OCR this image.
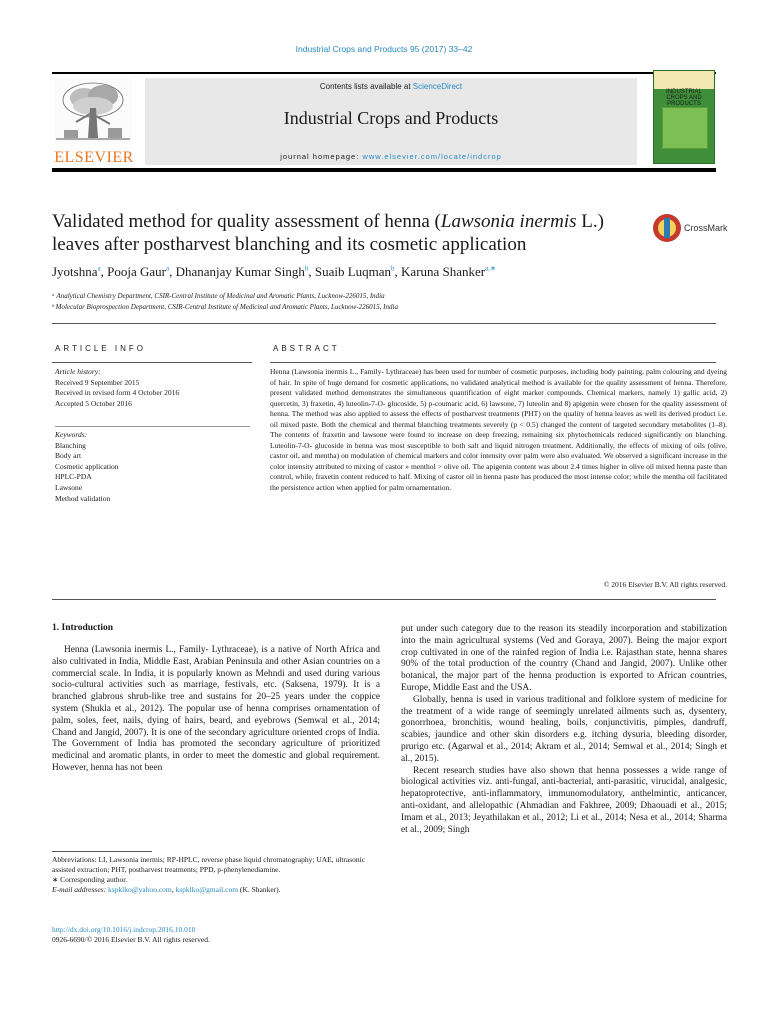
Industrial Crops and Products 95 (2017) 33–42
ELSEVIER
Contents lists available at ScienceDirect
Industrial Crops and Products
journal homepage: www.elsevier.com/locate/indcrop
INDUSTRIAL CROPS AND PRODUCTS
Validated method for quality assessment of henna (Lawsonia inermis L.) leaves after postharvest blanching and its cosmetic application
CrossMark
Jyotshna$^a$, Pooja Gaur$^a$, Dhananjay Kumar Singh$^b$, Suaib Luqman$^b$, Karuna Shanker$^{a,∗}$
ᵃ Analytical Chemistry Department, CSIR-Central Institute of Medicinal and Aromatic Plants, Lucknow-226015, India
ᵇ Molecular Bioprospection Department, CSIR-Central Institute of Medicinal and Aromatic Plants, Lucknow-226015, India
ARTICLE INFO	ABSTRACT
Article history:
Received 9 September 2015
Received in revised form 4 October 2016
Accepted 5 October 2016
Keywords:
Blanching
Body art
Cosmetic application
HPLC-PDA
Lawsone
Method validation
Henna (Lawsonia inermis L., Family- Lythraceae) has been used for number of cosmetic purposes, including body painting, palm colouring and dyeing of hair. In spite of huge demand for cosmetic applications, no validated analytical method is available for the quality assessment of henna. Therefore, present validated method demonstrates the simultaneous quantification of eight marker compounds. Chemical markers, namely 1) gallic acid, 2) quercetin, 3) fraxetin, 4) luteolin-7-O- glucoside, 5) p-coumaric acid, 6) lawsone, 7) luteolin and 8) apigenin were chosen for the quality assessment of henna. The method was also applied to assess the effects of postharvest treatments (PHT) on the quality of henna leaves as well its derived product i.e. oil mixed paste. Both the chemical and thermal blanching treatments severely (p < 0.5) changed the content of targeted secondary metabolites (1–8). The contents of fraxetin and lawsone were found to increase on deep freezing, remaining six phytochemicals reduced significantly on blanching. Luteolin-7-O- glucoside in henna was most susceptible to both salt and liquid nitrogen treatment. Additionally, the effects of mixing of oils (olive, castor oil, and mentha) on modulation of chemical markers and color intensity over palm were also evaluated. We observed a significant increase in the color intensity attributed to mixing of castor » menthol > olive oil. The apigenin content was about 2.4 times higher in olive oil mixed henna paste than control, while, fraxetin content reduced to half. Mixing of castor oil in henna paste has produced the most intense color; while the mentha oil facilitated the persistence action when applied for palm ornamentation.
© 2016 Elsevier B.V. All rights reserved.
1. Introduction

Henna (Lawsonia inermis L., Family- Lythraceae), is a native of North Africa and also cultivated in India, Middle East, Arabian Peninsula and other Asian countries on a commercial scale. In India, it is popularly known as Mehndi and used during various socio-cultural activities such as marriage, festivals, etc. (Saksena, 1979). It is a branched glabrous shrub-like tree and sustains for 20–25 years under the coppice system (Shukla et al., 2012). The popular use of henna comprises ornamentation of palm, soles, feet, nails, dying of hairs, beard, and eyebrows (Semwal et al., 2014; Chand and Jangid, 2007). It is one of the secondary agriculture oriented crops of India. The Government of India has promoted the secondary agriculture of prioritized medicinal and aromatic plants, in order to meet the domestic and global requirement. However, henna has not been

put under such category due to the reason its steadily incorporation and stabilization into the main agricultural systems (Ved and Goraya, 2007). Being the major export crop cultivated in one of the rainfed region of India i.e. Rajasthan state, henna shares 90% of the total production of the country (Chand and Jangid, 2007). Unlike other botanical, the major part of the henna production is exported to African countries, Europe, Middle East and the USA.

Globally, henna is used in various traditional and folklore system of medicine for the treatment of a wide range of seemingly unrelated ailments such as, dysentery, gonorrhoea, bronchitis, wound healing, boils, conjunctivitis, pimples, dandruff, scabies, jaundice and other skin disorders e.g. itching dysuria, bleeding disorder, prurigo etc. (Agarwal et al., 2014; Akram et al., 2014; Semwal et al., 2014; Singh et al., 2015).

Recent research studies have also shown that henna possesses a wide range of biological activities viz. anti-fungal, anti-bacterial, anti-parasitic, virucidal, analgesic, hepatoprotective, anti-inflammatory, immunomodulatory, anthelmintic, anticancer, anti-oxidant, and allelopathic (Ahmadian and Fakhree, 2009; Dhaouadi et al., 2015; Imam et al., 2013; Jeyathilakan et al., 2012; Li et al., 2014; Nesa et al., 2014; Sharma et al., 2009; Singh

Abbreviations: LI, Lawsonia inermis; RP-HPLC, reverse phase liquid chromatography; UAE, ultrasonic assisted extraction; PHT, postharvest treatments; PPD, p-phenylenediamine.

∗ Corresponding author.

E-mail addresses: kspklko@yahoo.com, kspklko@gmail.com (K. Shanker).

http://dx.doi.org/10.1016/j.indcrop.2016.10.010

0926-6690/© 2016 Elsevier B.V. All rights reserved.
